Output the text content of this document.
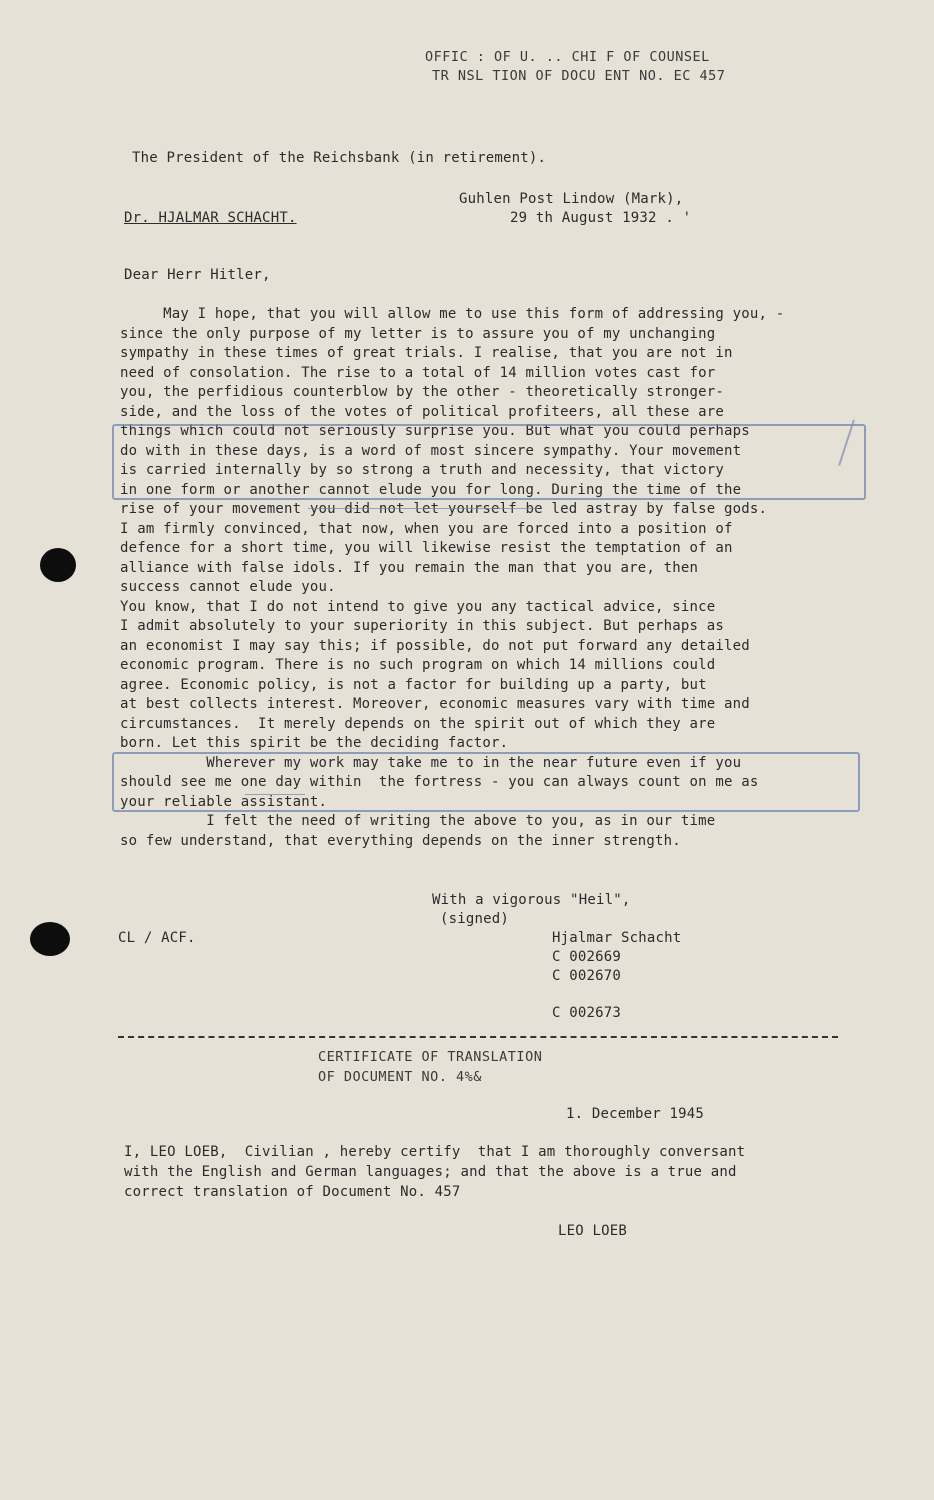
OFFIC : OF U. .. CHI F OF COUNSEL
TR NSL TION OF DOCU ENT NO. EC 457
The President of the Reichsbank (in retirement).
Guhlen Post Lindow (Mark),
Dr. HJALMAR SCHACHT.	29 th August 1932 . '
Dear Herr Hitler,
May I hope, that you will allow me to use this form of addressing you, -
since the only purpose of my letter is to assure you of my unchanging
sympathy in these times of great trials. I realise, that you are not in
need of consolation. The rise to a total of 14 million votes cast for
you, the perfidious counterblow by the other - theoretically stronger-
side, and the loss of the votes of political profiteers, all these are
things which could not seriously surprise you. But what you could perhaps
do with in these days, is a word of most sincere sympathy. Your movement
is carried internally by so strong a truth and necessity, that victory
in one form or another cannot elude you for long. During the time of the
rise of your movement you did not let yourself be led astray by false gods.
I am firmly convinced, that now, when you are forced into a position of
defence for a short time, you will likewise resist the temptation of an
alliance with false idols. If you remain the man that you are, then
success cannot elude you.
You know, that I do not intend to give you any tactical advice, since
I admit absolutely to your superiority in this subject. But perhaps as
an economist I may say this; if possible, do not put forward any detailed
economic program. There is no such program on which 14 millions could
agree. Economic policy, is not a factor for building up a party, but
at best collects interest. Moreover, economic measures vary with time and
circumstances.  It merely depends on the spirit out of which they are
born. Let this spirit be the deciding factor.
Wherever my work may take me to in the near future even if you
should see me one day within  the fortress - you can always count on me as
your reliable assistant.
I felt the need of writing the above to you, as in our time
so few understand, that everything depends on the inner strength.
With a vigorous "Heil",
(signed)
CL / ACF.	Hjalmar Schacht
C 002669
C 002670
C 002673
CERTIFICATE OF TRANSLATION
OF DOCUMENT NO. 4%&
1. December 1945
I, LEO LOEB,  Civilian , hereby certify  that I am thoroughly conversant
with the English and German languages; and that the above is a true and
correct translation of Document No. 457
LEO LOEB
